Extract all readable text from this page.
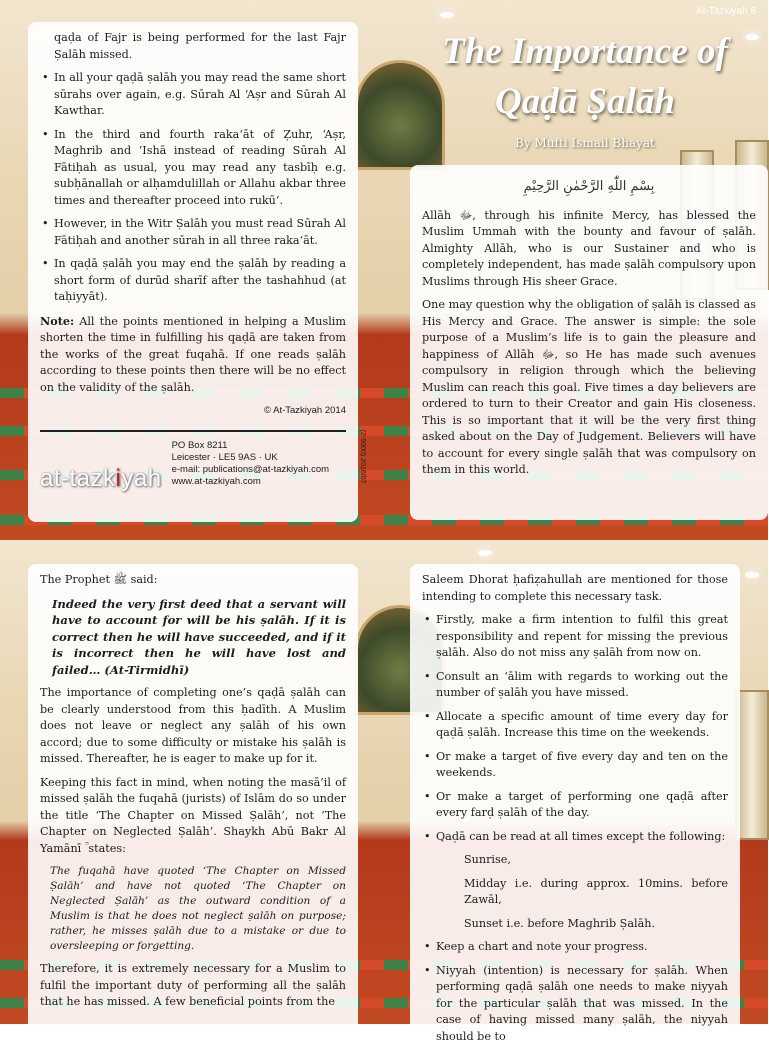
At-Tazkiyah 8
The Importance of
Qaḍā Ṣalāh
By Mufti Ismail Bhayat

qaḍa of Fajr is being performed for the last Fajr Ṣalāh missed.

• In all your qaḍā ṣalāh you may read the same short sūrahs over again, e.g. Sūrah Al ‘Aṣr and Sūrah Al Kawthar.
• In the third and fourth raka‘āt of Ẓuhr, ‘Aṣr, Maghrib and ‘Ishā instead of reading Sūrah Al Fātiḥah as usual, you may read any tasbīḥ e.g. subḥānallah or alḥamdulillah or Allahu akbar three times and thereafter proceed into rukū‘.
• However, in the Witr Ṣalāh you must read Sūrah Al Fātiḥah and another sūrah in all three raka‘āt.
• In qaḍā ṣalāh you may end the ṣalāh by reading a short form of durūd sharīf after the tashahhud (at taḥiyyāt).

Note: All the points mentioned in helping a Muslim shorten the time in fulfilling his qaḍā are taken from the works of the great fuqahā. If one reads ṣalāh according to these points then there will be no effect on the validity of the ṣalāh.

© At-Tazkiyah 2014
at-tazkiyah
PO Box 8211
Leicester · LE5 9AS · UK
e-mail: publications@at-tazkiyah.com
www.at-tazkiyah.com	(2-5000) 2016/07
بِسْمِ اللّٰهِ الرَّحْمٰنِ الرَّحِيْمِ

Allāh ﷻ, through his infinite Mercy, has blessed the Muslim Ummah with the bounty and favour of ṣalāh. Almighty Allāh, who is our Sustainer and who is completely independent, has made ṣalāh compulsory upon Muslims through His sheer Grace.

One may question why the obligation of ṣalāh is classed as His Mercy and Grace. The answer is simple: the sole purpose of a Muslim’s life is to gain the pleasure and happiness of Allāh ﷻ, so He has made such avenues compulsory in religion through which the believing Muslim can reach this goal. Five times a day believers are ordered to turn to their Creator and gain His closeness. This is so important that it will be the very first thing asked about on the Day of Judgement. Believers will have to account for every single ṣalāh that was compulsory on them in this world.

The Prophet ﷺ said:

Indeed the very first deed that a servant will have to account for will be his ṣalāh. If it is correct then he will have succeeded, and if it is incorrect then he will have lost and failed… (At-Tirmidhī)

The importance of completing one’s qaḍā ṣalāh can be clearly understood from this ḥadīth. A Muslim does not leave or neglect any ṣalāh of his own accord; due to some difficulty or mistake his ṣalāh is missed. Thereafter, he is eager to make up for it.

Keeping this fact in mind, when noting the masā’il of missed ṣalāh the fuqahā (jurists) of Islām do so under the title ‘The Chapter on Missed Ṣalāh’, not ‘The Chapter on Neglected Ṣalāh’. Shaykh Abū Bakr Al Yamānī ؒ states:

The fuqahā have quoted ‘The Chapter on Missed Ṣalāh’ and have not quoted ‘The Chapter on Neglected Ṣalāh’ as the outward condition of a Muslim is that he does not neglect ṣalāh on purpose; rather, he misses ṣalāh due to a mistake or due to oversleeping or forgetting.

Therefore, it is extremely necessary for a Muslim to fulfil the important duty of performing all the ṣalāh that he has missed. A few beneficial points from the

Saleem Dhorat ḥafiẓahullah are mentioned for those intending to complete this necessary task.

• Firstly, make a firm intention to fulfil this great responsibility and repent for missing the previous ṣalāh. Also do not miss any ṣalāh from now on.
• Consult an ‘ālim with regards to working out the number of ṣalāh you have missed.
• Allocate a specific amount of time every day for qaḍā ṣalāh. Increase this time on the weekends.
• Or make a target of five every day and ten on the weekends.
• Or make a target of performing one qaḍā after every farḍ ṣalāh of the day.
• Qaḍā can be read at all times except the following:
Sunrise,
Midday i.e. during approx. 10mins. before Zawāl,
Sunset i.e. before Maghrib Ṣalāh.
• Keep a chart and note your progress.
• Niyyah (intention) is necessary for ṣalāh. When performing qaḍā ṣalāh one needs to make niyyah for the particular ṣalāh that was missed. In the case of having missed many ṣalāh, the niyyah should be to
